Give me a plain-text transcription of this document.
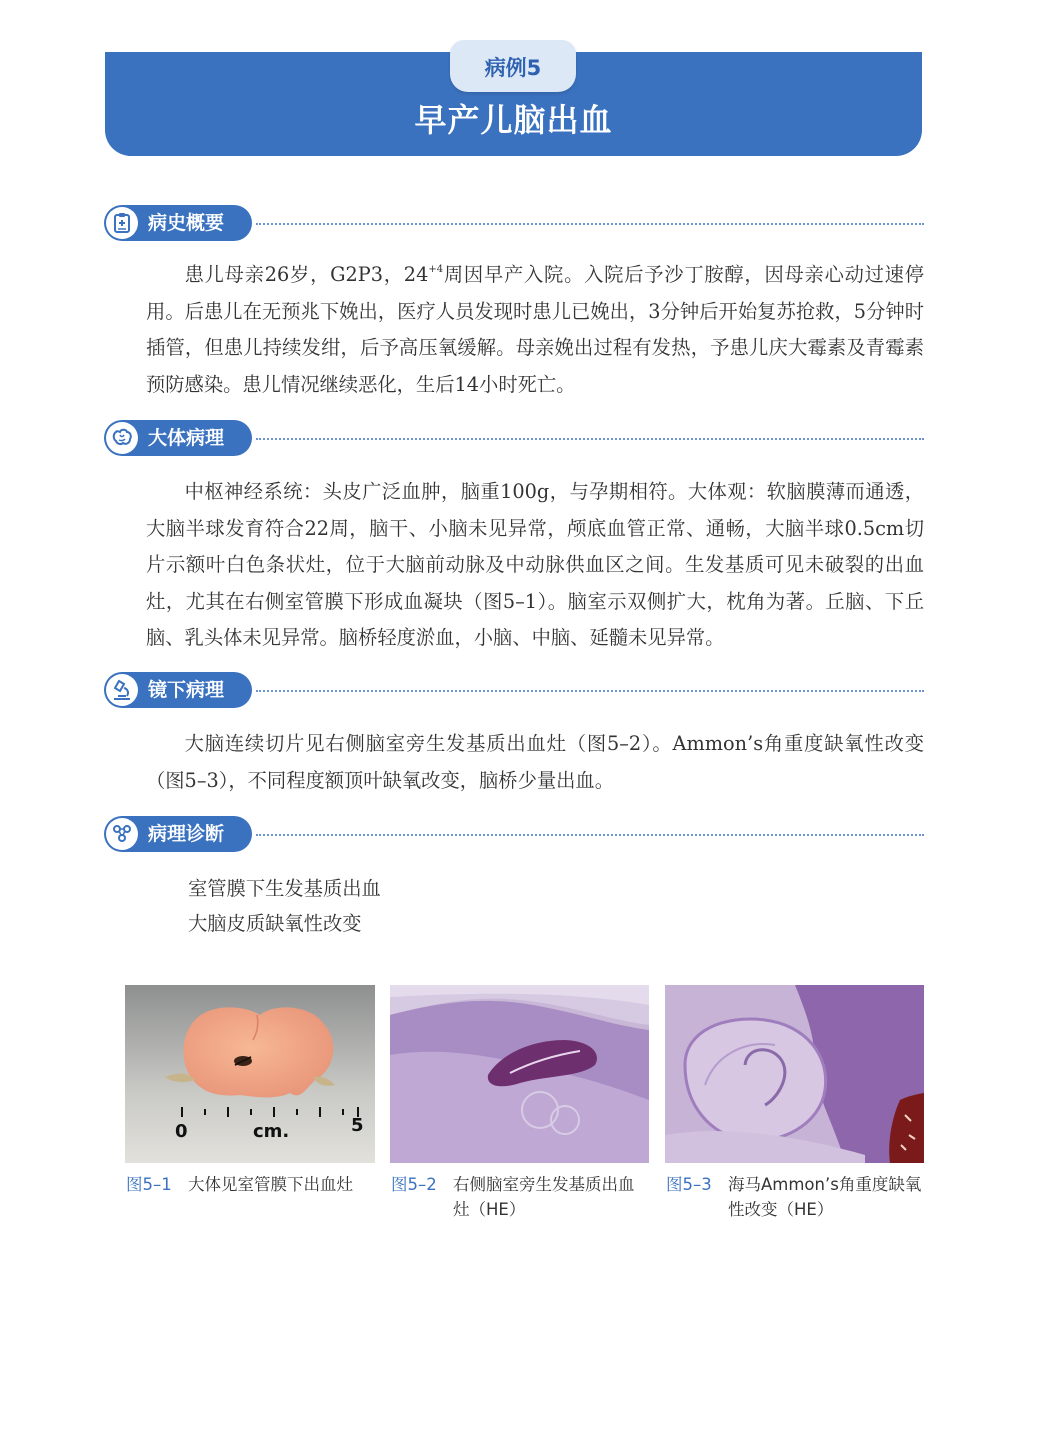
病例5
早产儿脑出血
病史概要

患儿母亲26岁，G2P3，$24^{+4}$周因早产入院。入院后予沙丁胺醇，因母亲心动过速停用。后患儿在无预兆下娩出，医疗人员发现时患儿已娩出，3分钟后开始复苏抢救，5分钟时插管，但患儿持续发绀，后予高压氧缓解。母亲娩出过程有发热，予患儿庆大霉素及青霉素预防感染。患儿情况继续恶化，生后14小时死亡。

大体病理

中枢神经系统：头皮广泛血肿，脑重100g，与孕期相符。大体观：软脑膜薄而通透，大脑半球发育符合22周，脑干、小脑未见异常，颅底血管正常、通畅，大脑半球0.5cm切片示额叶白色条状灶，位于大脑前动脉及中动脉供血区之间。生发基质可见未破裂的出血灶，尤其在右侧室管膜下形成血凝块（图5–1）。脑室示双侧扩大，枕角为著。丘脑、下丘脑、乳头体未见异常。脑桥轻度淤血，小脑、中脑、延髓未见异常。

镜下病理

大脑连续切片见右侧脑室旁生发基质出血灶（图5–2）。Ammon’s角重度缺氧性改变（图5–3），不同程度额顶叶缺氧改变，脑桥少量出血。

病理诊断
室管膜下生发基质出血
大脑皮质缺氧性改变
0	cm.	5
图5–1 大体见室管膜下出血灶	图5–2 右侧脑室旁生发基质出血灶（HE）
图5–3 海马Ammon’s角重度缺氧性改变（HE）
